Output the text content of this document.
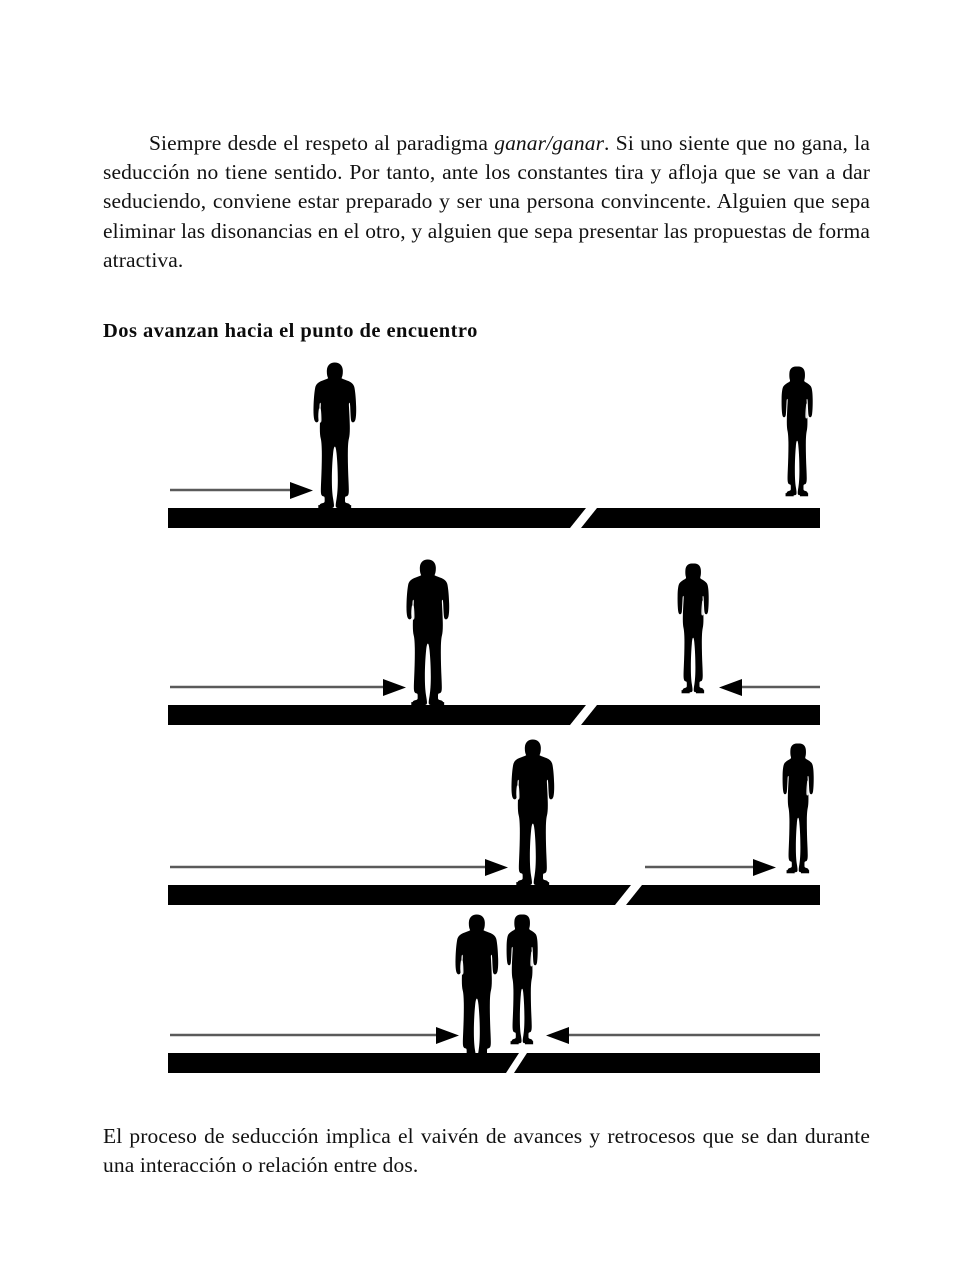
Siempre desde el respeto al paradigma ganar/ganar. Si uno siente que no gana, la seducción no tiene sentido. Por tanto, ante los constantes tira y afloja que se van a dar seduciendo, conviene estar preparado y ser una persona convincente. Alguien que sepa eliminar las disonancias en el otro, y alguien que sepa presentar las propuestas de forma atractiva.

Dos avanzan hacia el punto de encuentro

El proceso de seducción implica el vaivén de avances y retrocesos que se dan durante una interacción o relación entre dos.
